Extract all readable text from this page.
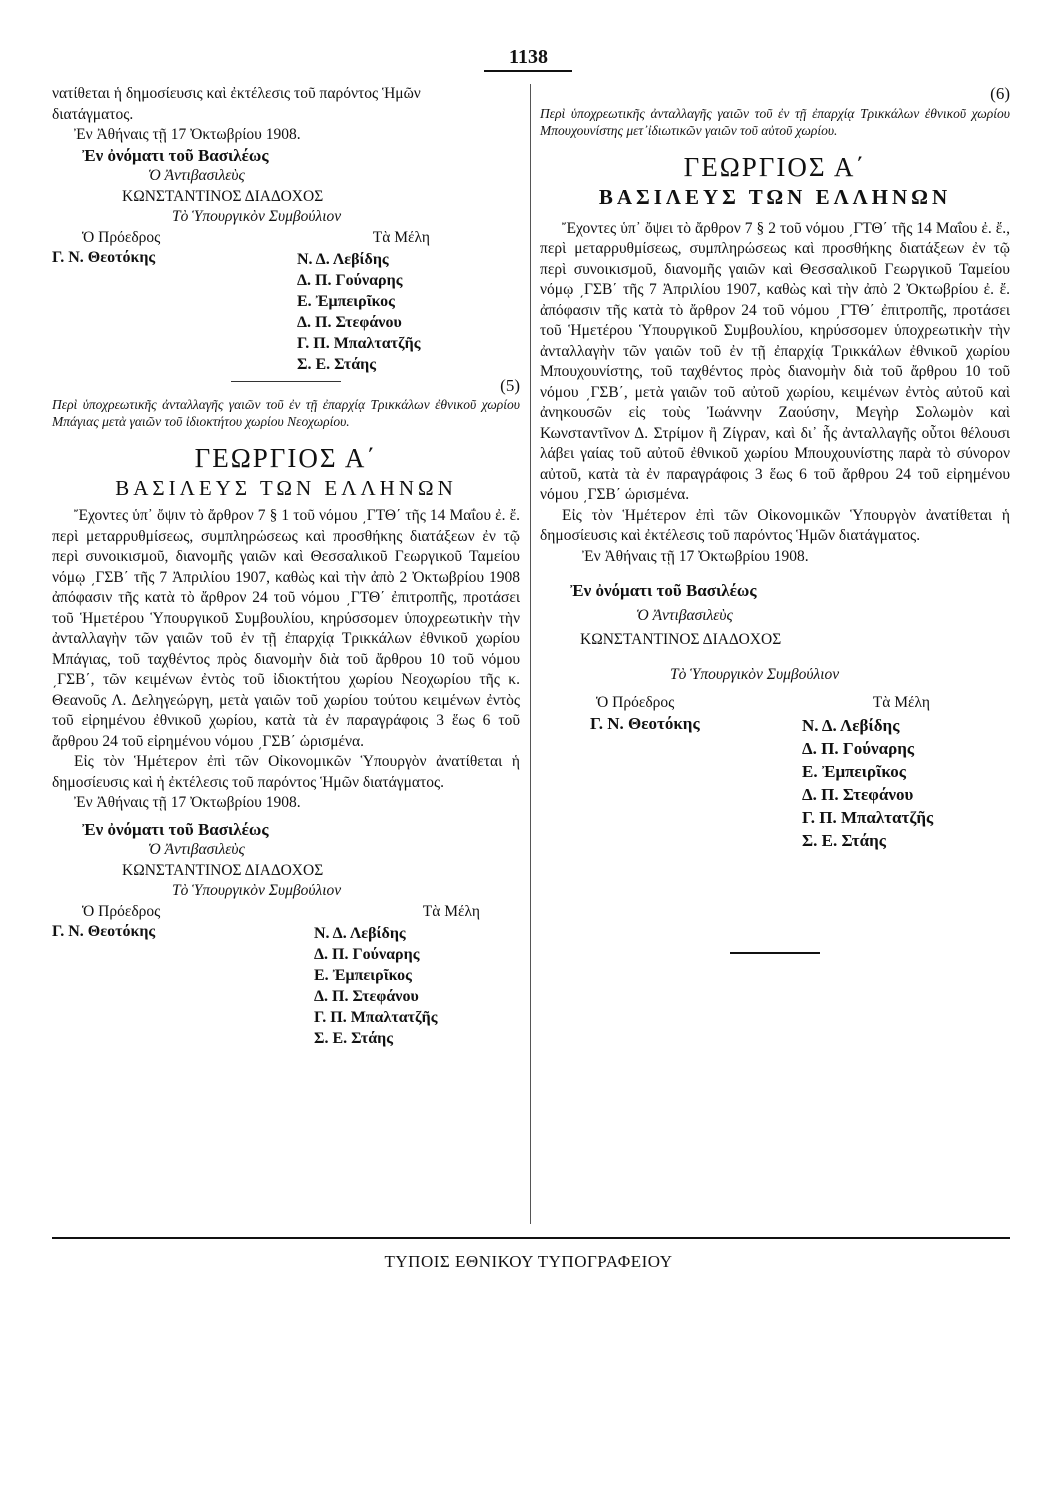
1138

νατίθεται ἡ δημοσίευσις καὶ ἐκτέλεσις τοῦ παρόντος Ἡμῶν

διατάγματος.

Ἐν Ἀθήναις τῇ 17 Ὀκτωβρίου 1908.

Ἐν ὀνόματι τοῦ Βασιλέως

Ὁ Ἀντιβασιλεὺς

ΚΩΝΣΤΑΝΤΙΝΟΣ ΔΙΑΔΟΧΟΣ

Τὸ Ὑπουργικὸν Συμβούλιον

Ὁ Πρόεδρος	Τὰ Μέλη

Γ. Ν. Θεοτόκης	Ν. Δ. Λεβίδης
Δ. Π. Γούναρης
Ε. Ἐμπειρῖκος
Δ. Π. Στεφάνου
Γ. Π. Μπαλτατζῆς
Σ. Ε. Στάης

(5)

Περὶ ὑποχρεωτικῆς ἀνταλλαγῆς γαιῶν τοῦ ἐν τῇ ἐπαρχίᾳ Τρικκάλων ἐθνικοῦ χωρίου Μπάγιας μετὰ γαιῶν τοῦ ἰδιοκτήτου χωρίου Νεοχωρίου.

ΓΕΩΡΓΙΟΣ Α΄

ΒΑΣΙΛΕΥΣ ΤΩΝ ΕΛΛΗΝΩΝ

Ἔχοντες ὑπ᾽ ὄψιν τὸ ἄρθρον 7 § 1 τοῦ νόμου ͵ΓΤΘ΄ τῆς 14 Μαΐου ἐ. ἔ. περὶ μεταρρυθμίσεως, συμπληρώσεως καὶ προσθήκης διατάξεων ἐν τῷ περὶ συνοικισμοῦ, διανομῆς γαιῶν καὶ Θεσσαλικοῦ Γεωργικοῦ Ταμείου νόμῳ ͵ΓΣΒ΄ τῆς 7 Ἀπριλίου 1907, καθὼς καὶ τὴν ἀπὸ 2 Ὀκτωβρίου 1908 ἀπόφασιν τῆς κατὰ τὸ ἄρθρον 24 τοῦ νόμου ͵ΓΤΘ΄ ἐπιτροπῆς, προτάσει τοῦ Ἡμετέρου Ὑπουργικοῦ Συμβουλίου, κηρύσσομεν ὑποχρεωτικὴν τὴν ἀνταλλαγὴν τῶν γαιῶν τοῦ ἐν τῇ ἐπαρχίᾳ Τρικκάλων ἐθνικοῦ χωρίου Μπάγιας, τοῦ ταχθέντος πρὸς διανομὴν διὰ τοῦ ἄρθρου 10 τοῦ νόμου ͵ΓΣΒ΄, τῶν κειμένων ἐντὸς τοῦ ἰδιοκτήτου χωρίου Νεοχωρίου τῆς κ. Θεανοῦς Λ. Δεληγεώργη, μετὰ γαιῶν τοῦ χωρίου τούτου κειμένων ἐντὸς τοῦ εἰρημένου ἐθνικοῦ χωρίου, κατὰ τὰ ἐν παραγράφοις 3 ἕως 6 τοῦ ἄρθρου 24 τοῦ εἰρημένου νόμου ͵ΓΣΒ΄ ὡρισμένα.

Εἰς τὸν Ἡμέτερον ἐπὶ τῶν Οἰκονομικῶν Ὑπουργὸν ἀνατίθεται ἡ δημοσίευσις καὶ ἡ ἐκτέλεσις τοῦ παρόντος Ἡμῶν διατάγματος.

Ἐν Ἀθήναις τῇ 17 Ὀκτωβρίου 1908.

Ἐν ὀνόματι τοῦ Βασιλέως

Ὁ Ἀντιβασιλεὺς

ΚΩΝΣΤΑΝΤΙΝΟΣ ΔΙΑΔΟΧΟΣ

Τὸ Ὑπουργικὸν Συμβούλιον

Ὁ Πρόεδρος	Τὰ Μέλη

Γ. Ν. Θεοτόκης	Ν. Δ. Λεβίδης
Δ. Π. Γούναρης
Ε. Ἐμπειρῖκος
Δ. Π. Στεφάνου
Γ. Π. Μπαλτατζῆς
Σ. Ε. Στάης

(6)

Περὶ ὑποχρεωτικῆς ἀνταλλαγῆς γαιῶν τοῦ ἐν τῇ ἐπαρχίᾳ Τρικκάλων ἐθνικοῦ χωρίου Μπουχουνίστης μετ᾽ἰδιωτικῶν γαιῶν τοῦ αὐτοῦ χωρίου.

ΓΕΩΡΓΙΟΣ Α΄

ΒΑΣΙΛΕΥΣ ΤΩΝ ΕΛΛΗΝΩΝ

Ἔχοντες ὑπ᾽ ὄψει τὸ ἄρθρον 7 § 2 τοῦ νόμου ͵ΓΤΘ΄ τῆς 14 Μαΐου ἐ. ἔ., περὶ μεταρρυθμίσεως, συμπληρώσεως καὶ προσθήκης διατάξεων ἐν τῷ περὶ συνοικισμοῦ, διανομῆς γαιῶν καὶ Θεσσαλικοῦ Γεωργικοῦ Ταμείου νόμῳ ͵ΓΣΒ΄ τῆς 7 Ἀπριλίου 1907, καθὼς καὶ τὴν ἀπὸ 2 Ὀκτωβρίου ἐ. ἔ. ἀπόφασιν τῆς κατὰ τὸ ἄρθρον 24 τοῦ νόμου ͵ΓΤΘ΄ ἐπιτροπῆς, προτάσει τοῦ Ἡμετέρου Ὑπουργικοῦ Συμβουλίου, κηρύσσομεν ὑποχρεωτικὴν τὴν ἀνταλλαγὴν τῶν γαιῶν τοῦ ἐν τῇ ἐπαρχίᾳ Τρικκάλων ἐθνικοῦ χωρίου Μπουχουνίστης, τοῦ ταχθέντος πρὸς διανομὴν διὰ τοῦ ἄρθρου 10 τοῦ νόμου ͵ΓΣΒ΄, μετὰ γαιῶν τοῦ αὐτοῦ χωρίου, κειμένων ἐντὸς αὐτοῦ καὶ ἀνηκουσῶν εἰς τοὺς Ἰωάννην Ζαούσην, Μεγὴρ Σολωμὸν καὶ Κωνσταντῖνον Δ. Στρίμον ἢ Ζίγραν, καὶ δι᾽ ἧς ἀνταλλαγῆς οὗτοι θέλουσι λάβει γαίας τοῦ αὐτοῦ ἐθνικοῦ χωρίου Μπουχουνίστης παρὰ τὸ σύνορον αὐτοῦ, κατὰ τὰ ἐν παραγράφοις 3 ἕως 6 τοῦ ἄρθρου 24 τοῦ εἰρημένου νόμου ͵ΓΣΒ΄ ὡρισμένα.

Εἰς τὸν Ἡμέτερον ἐπὶ τῶν Οἰκονομικῶν Ὑπουργὸν ἀνατίθεται ἡ δημοσίευσις καὶ ἐκτέλεσις τοῦ παρόντος Ἡμῶν διατάγματος.

Ἐν Ἀθήναις τῇ 17 Ὀκτωβρίου 1908.

Ἐν ὀνόματι τοῦ Βασιλέως

Ὁ Ἀντιβασιλεὺς

ΚΩΝΣΤΑΝΤΙΝΟΣ ΔΙΑΔΟΧΟΣ

Τὸ Ὑπουργικὸν Συμβούλιον

Ὁ Πρόεδρος	Τὰ Μέλη

Γ. Ν. Θεοτόκης	Ν. Δ. Λεβίδης
Δ. Π. Γούναρης
Ε. Ἐμπειρῖκος
Δ. Π. Στεφάνου
Γ. Π. Μπαλτατζῆς
Σ. Ε. Στάης
ΤΥΠΟΙΣ ΕΘΝΙΚΟΥ ΤΥΠΟΓΡΑΦΕΙΟΥ
